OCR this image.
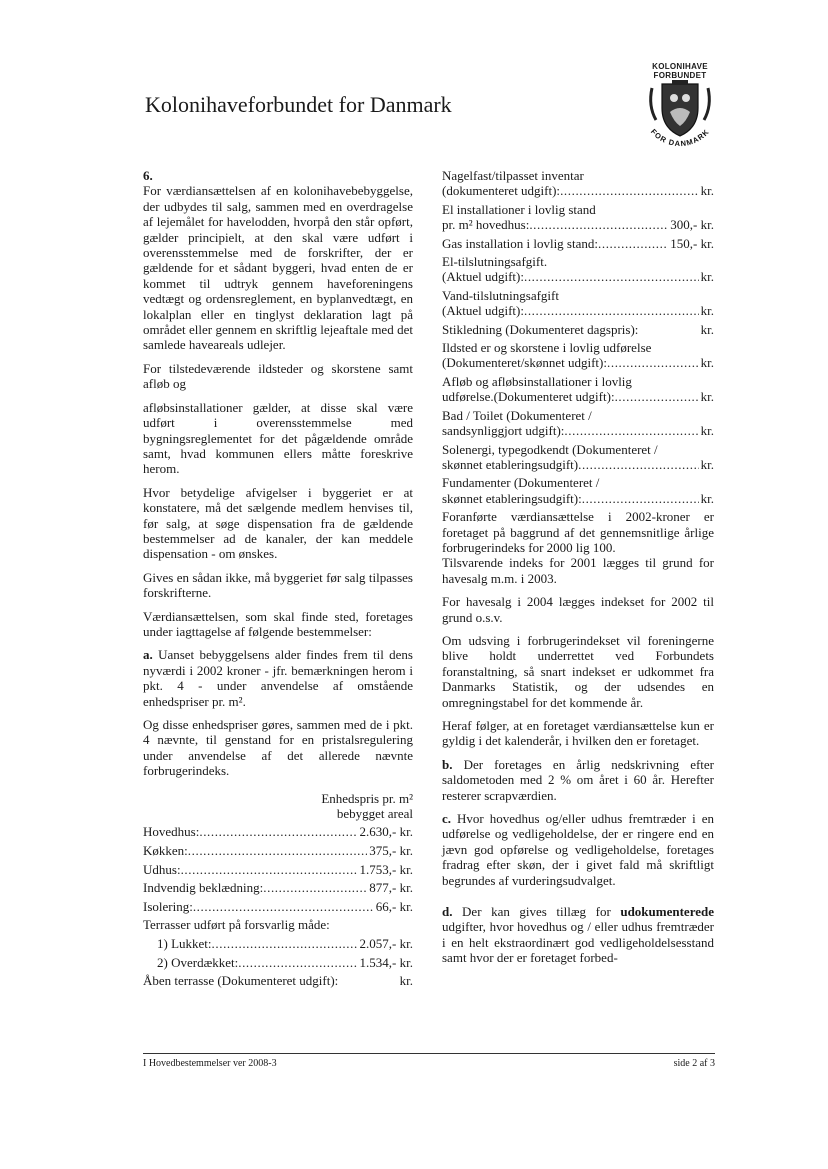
Kolonihaveforbundet for Danmark
KOLONIHAVE
FORBUNDET
FOR DANMARK

6.

For værdiansættelsen af en kolonihavebebyggelse, der udbydes til salg, sammen med en overdragelse af lejemålet for havelodden, hvorpå den står opført, gælder principielt, at den skal være udført i overensstemmelse med de forskrifter, der er gældende for et sådant byggeri, hvad enten de er kommet til udtryk gennem haveforeningens vedtægt og ordensreglement, en byplanvedtægt, en lokalplan eller en tinglyst deklaration lagt på området eller gennem en skriftlig lejeaftale med det samlede haveareals udlejer.

For tilstedeværende ildsteder og skorstene samt afløb og

afløbsinstallationer gælder, at disse skal være udført i overensstemmelse med bygningsreglementet for det pågældende område samt, hvad kommunen ellers måtte foreskrive herom.

Hvor betydelige afvigelser i byggeriet er at konstatere, må det sælgende medlem henvises til, før salg, at søge dispensation fra de gældende bestemmelser ad de kanaler, der kan meddele dispensation - om ønskes.

Gives en sådan ikke, må byggeriet før salg tilpasses forskrifterne.

Værdiansættelsen, som skal finde sted, foretages under iagttagelse af følgende bestemmelser:

a. Uanset bebyggelsens alder findes frem til dens nyværdi i 2002 kroner - jfr. bemærkningen herom i pkt. 4 - under anvendelse af omstående enhedspriser pr. m².

Og disse enhedspriser gøres, sammen med de i pkt. 4 nævnte, til genstand for en pristalsregulering under anvendelse af det allerede nævnte forbrugerindeks.

Enhedspris pr. m²
bebygget areal
Hovedhus: .....	2.630,- kr.
Køkken: .....	375,- kr.
Udhus: .....	1.753,- kr.
Indvendig beklædning: .....	877,- kr.
Isolering: .....	66,- kr.
Terrasser udført på forsvarlig måde:
1) Lukket: .....	2.057,- kr.
2) Overdækket: .....	1.534,- kr.
Åben terrasse (Dokumenteret udgift):	kr.
Nagelfast/tilpasset inventar
(dokumenteret udgift): .....	kr.
El installationer i lovlig stand
pr. m² hovedhus: .....	300,- kr.
Gas installation i lovlig stand: .....	150,- kr.
El-tilslutningsafgift.
(Aktuel udgift): .....	kr.
Vand-tilslutningsafgift
(Aktuel udgift): .....	kr.
Stikledning (Dokumenteret dagspris):	kr.
Ildsted er og skorstene i lovlig udførelse
(Dokumenteret/skønnet udgift): .....	kr.
Afløb og afløbsinstallationer i lovlig
udførelse.(Dokumenteret udgift): .....	kr.
Bad / Toilet (Dokumenteret /
sandsynliggjort udgift): .....	kr.
Solenergi, typegodkendt (Dokumenteret /
skønnet etableringsudgift) .....	kr.
Fundamenter (Dokumenteret /
skønnet etableringsudgift): .....	kr.

Foranførte værdiansættelse i 2002-kroner er foretaget på baggrund af det gennemsnitlige årlige forbrugerindeks for 2000 lig 100.

Tilsvarende indeks for 2001 lægges til grund for havesalg m.m. i 2003.

For havesalg i 2004 lægges indekset for 2002 til grund o.s.v.

Om udsving i forbrugerindekset vil foreningerne blive holdt underrettet ved Forbundets foranstaltning, så snart indekset er udkommet fra Danmarks Statistik, og der udsendes en omregningstabel for det kommende år.

Heraf følger, at en foretaget værdiansættelse kun er gyldig i det kalenderår, i hvilken den er foretaget.

b. Der foretages en årlig nedskrivning efter saldometoden med 2 % om året i 60 år. Herefter resterer scrapværdien.

c. Hvor hovedhus og/eller udhus fremtræder i en udførelse og vedligeholdelse, der er ringere end en jævn god opførelse og vedligeholdelse, foretages fradrag efter skøn, der i givet fald må skriftligt begrundes af vurderingsudvalget.

d. Der kan gives tillæg for udokumenterede udgifter, hvor hovedhus og / eller udhus fremtræder i en helt ekstraordinært god vedligeholdelsesstand samt hvor der er foretaget forbed-

I Hovedbestemmelser ver 2008-3	side 2 af 3
